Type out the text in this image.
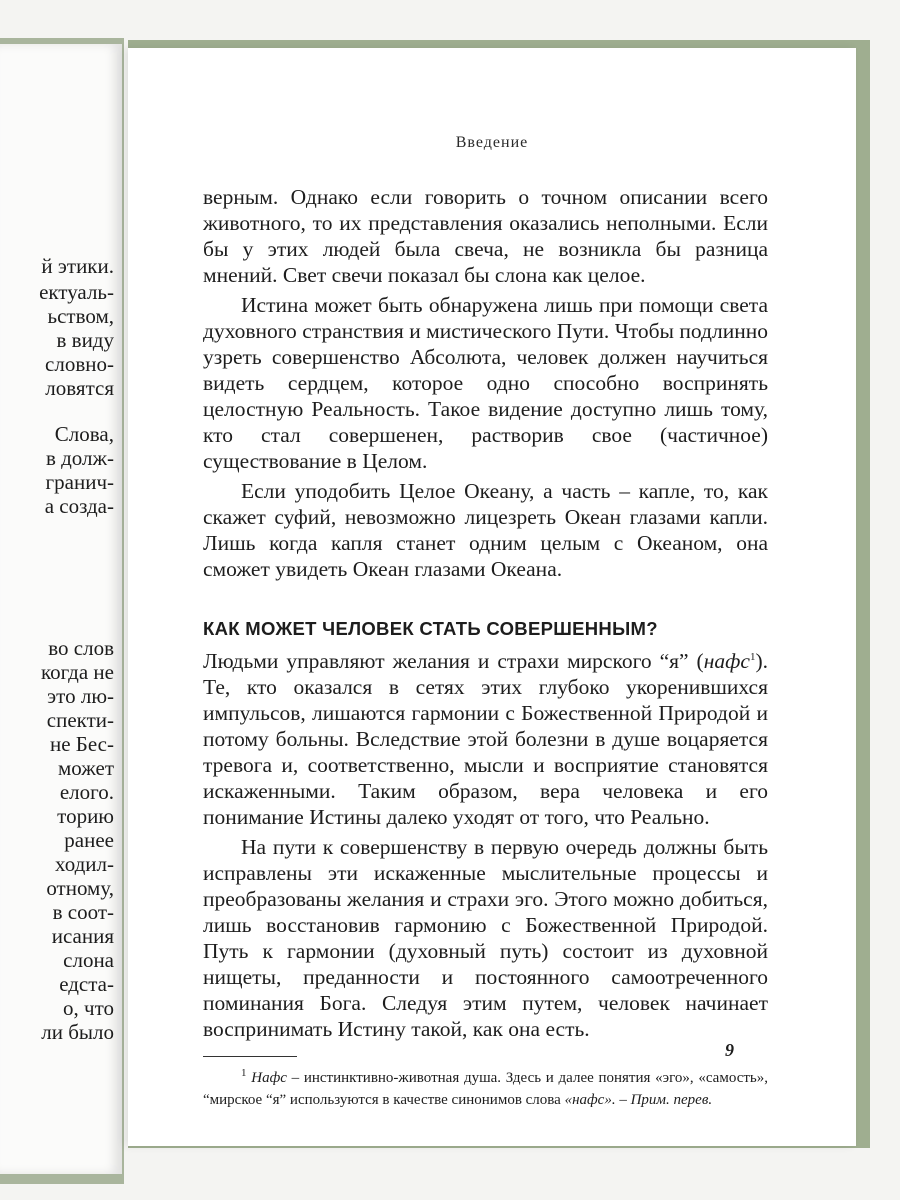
й этики.
ектуаль-
ьством,
в виду
словно-
ловятся
Слова,
в долж-
гранич-
а созда-
во слов
когда не
это лю-
спекти-
не Бес-
может
елого.
торию
ранее
ходил-
отному,
в соот-
исания
слона
едста-
о, что
ли было
Введение

верным. Однако если говорить о точном описании всего животного, то их представления оказались неполными. Если бы у этих людей была свеча, не возникла бы разница мнений. Свет свечи показал бы слона как целое.

Истина может быть обнаружена лишь при помощи света духовного странствия и мистического Пути. Чтобы подлинно узреть совершенство Абсолюта, человек должен научиться видеть сердцем, которое одно способно воспринять целостную Реальность. Такое видение доступно лишь тому, кто стал совершенен, растворив свое (частичное) существование в Целом.

Если уподобить Целое Океану, а часть – капле, то, как скажет суфий, невозможно лицезреть Океан глазами капли. Лишь когда капля станет одним целым с Океаном, она сможет увидеть Океан глазами Океана.

КАК МОЖЕТ ЧЕЛОВЕК СТАТЬ СОВЕРШЕННЫМ?

Людьми управляют желания и страхи мирского “я” (нафс$^1$). Те, кто оказался в сетях этих глубоко укоренившихся импульсов, лишаются гармонии с Божественной Природой и потому больны. Вследствие этой болезни в душе воцаряется тревога и, соответственно, мысли и восприятие становятся искаженными. Таким образом, вера человека и его понимание Истины далеко уходят от того, что Реально.

На пути к совершенству в первую очередь должны быть исправлены эти искаженные мыслительные процессы и преобразованы желания и страхи эго. Этого можно добиться, лишь восстановив гармонию с Божественной Природой. Путь к гармонии (духовный путь) состоит из духовной нищеты, преданности и постоянного самоотреченного поминания Бога. Следуя этим путем, человек начинает воспринимать Истину такой, как она есть.

$^1$ Нафс – инстинктивно-животная душа. Здесь и далее понятия «эго», «самость», “мирское “я” используются в качестве синонимов слова «нафс». – Прим. перев.

9
